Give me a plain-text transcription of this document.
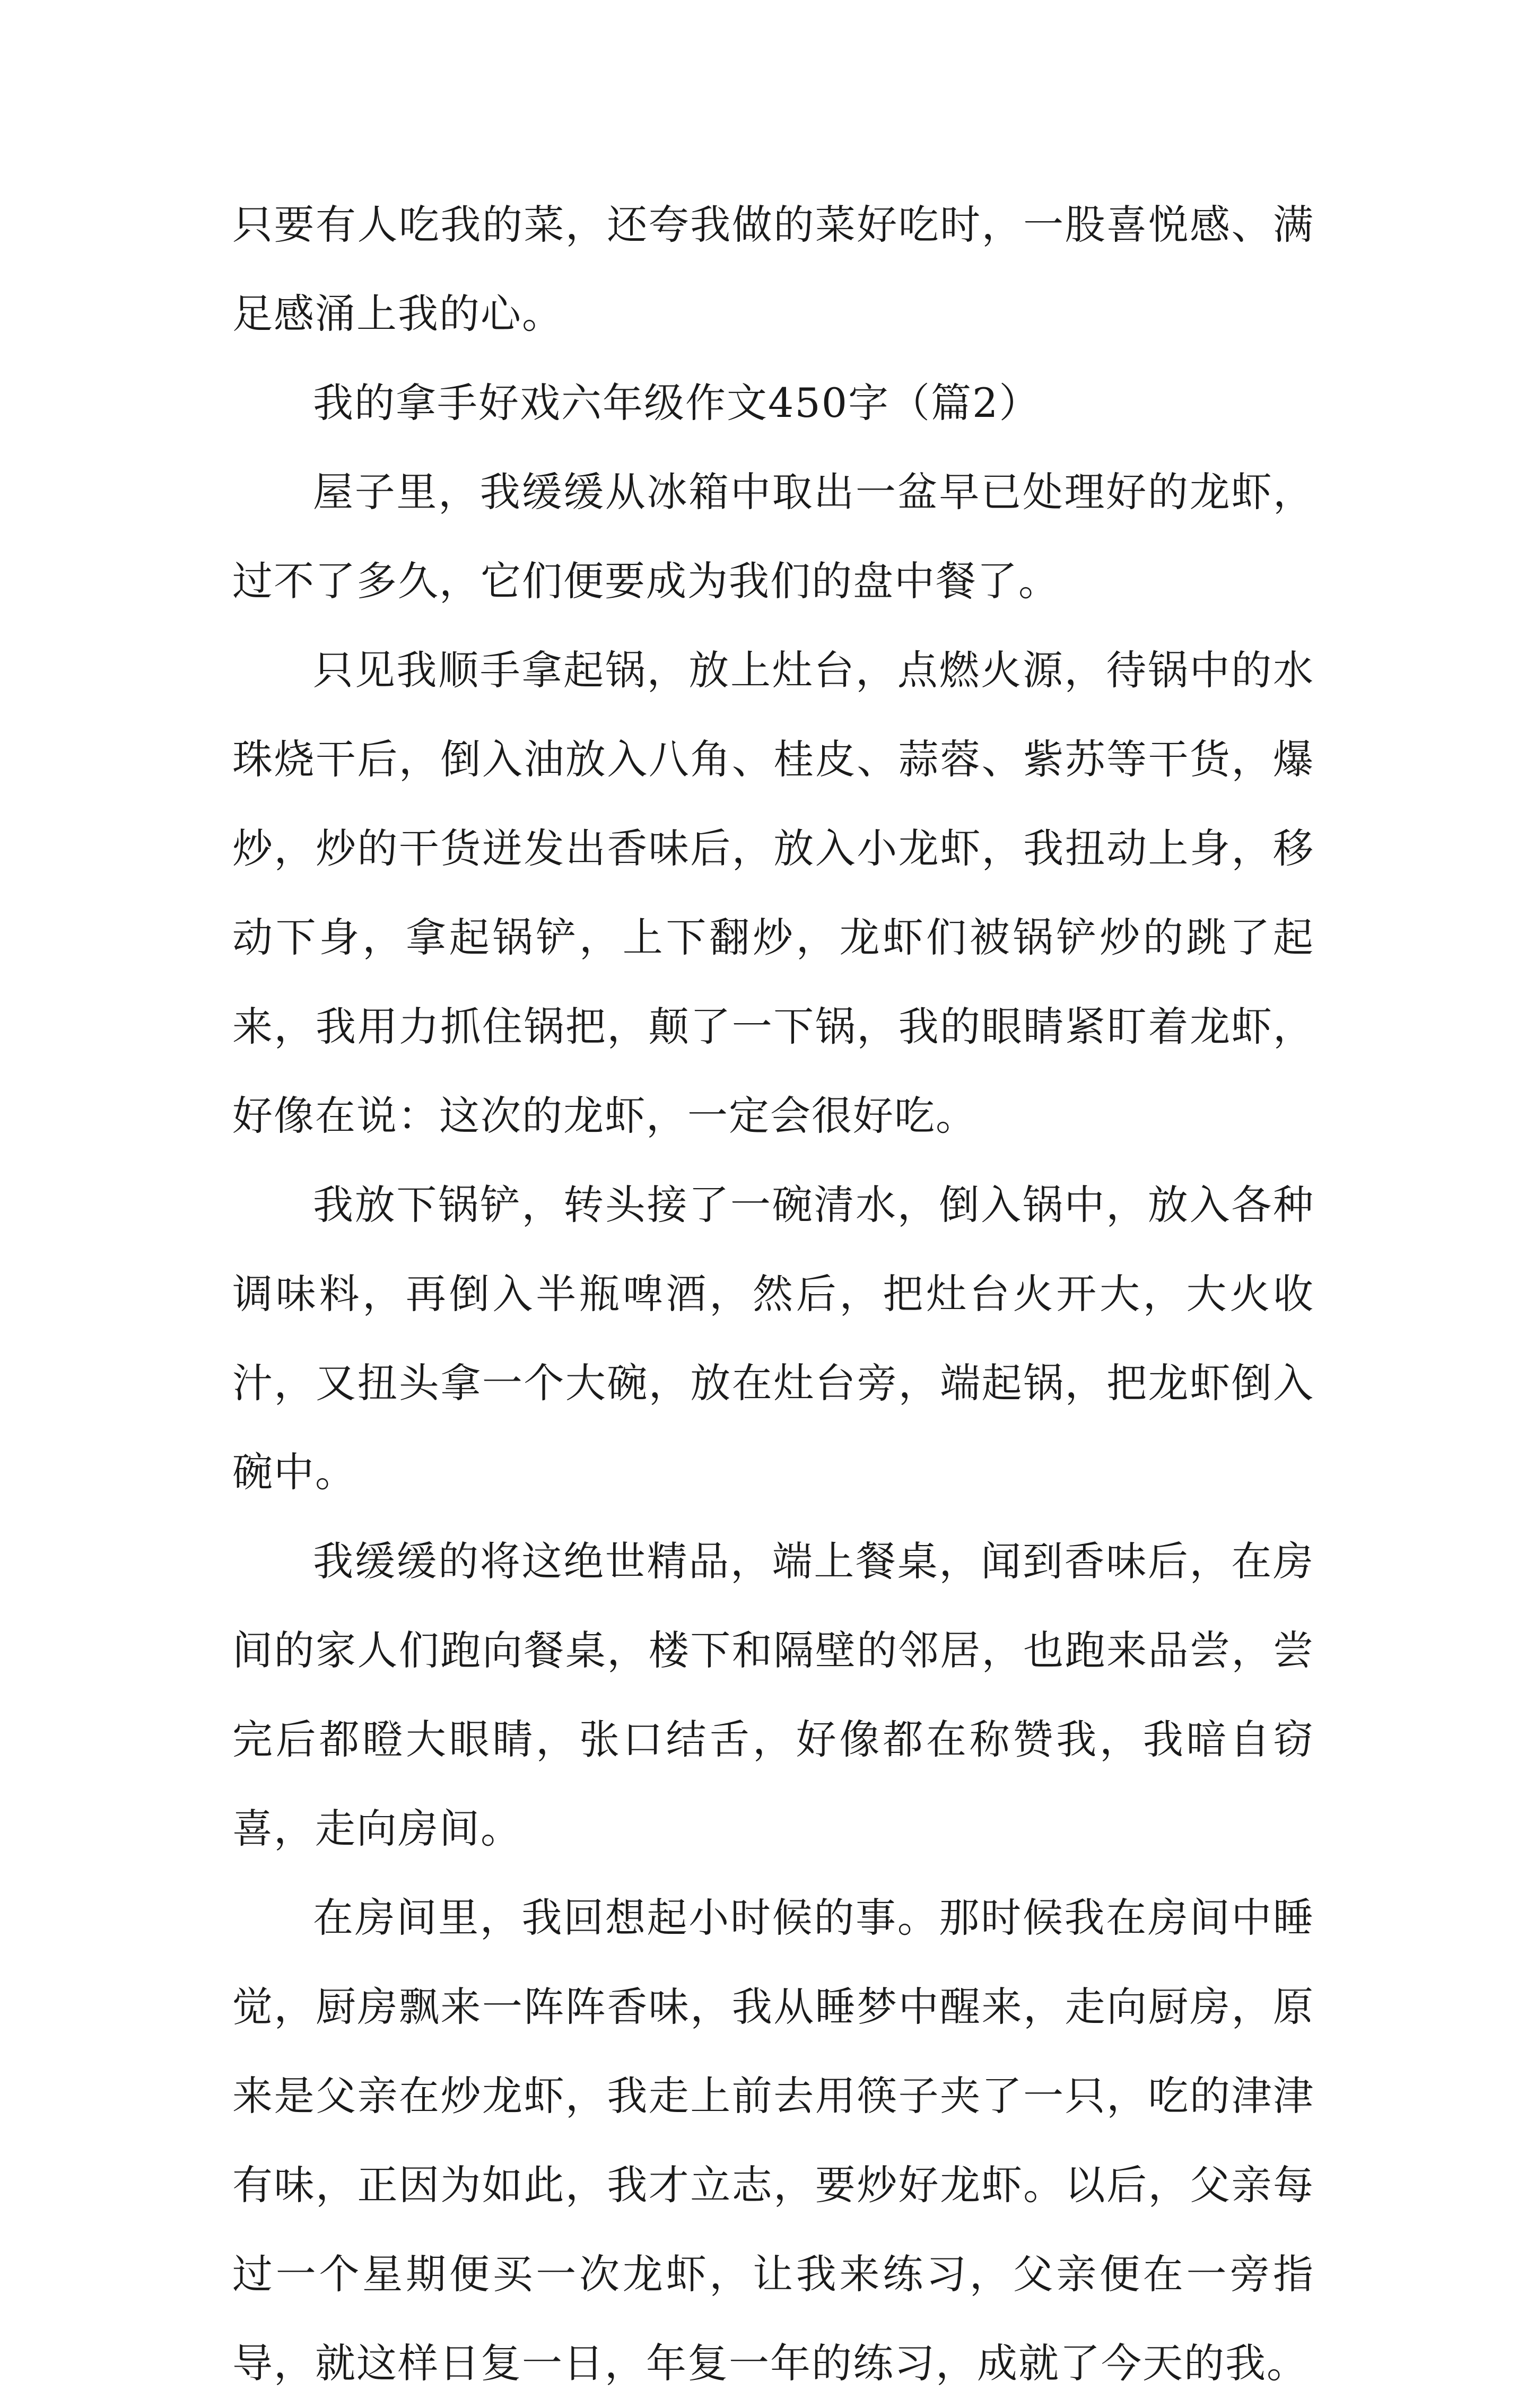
只要有人吃我的菜，还夸我做的菜好吃时，一股喜悦感、满足感涌上我的心。

我的拿手好戏六年级作文450字（篇2）

屋子里，我缓缓从冰箱中取出一盆早已处理好的龙虾，过不了多久，它们便要成为我们的盘中餐了。

只见我顺手拿起锅，放上灶台，点燃火源，待锅中的水珠烧干后，倒入油放入八角、桂皮、蒜蓉、紫苏等干货，爆炒，炒的干货迸发出香味后，放入小龙虾，我扭动上身，移动下身，拿起锅铲，上下翻炒，龙虾们被锅铲炒的跳了起来，我用力抓住锅把，颠了一下锅，我的眼睛紧盯着龙虾，好像在说：这次的龙虾，一定会很好吃。

我放下锅铲，转头接了一碗清水，倒入锅中，放入各种调味料，再倒入半瓶啤酒，然后，把灶台火开大，大火收汁，又扭头拿一个大碗，放在灶台旁，端起锅，把龙虾倒入碗中。

我缓缓的将这绝世精品，端上餐桌，闻到香味后，在房间的家人们跑向餐桌，楼下和隔壁的邻居，也跑来品尝，尝完后都瞪大眼睛，张口结舌，好像都在称赞我，我暗自窃喜，走向房间。

在房间里，我回想起小时候的事。那时候我在房间中睡觉，厨房飘来一阵阵香味，我从睡梦中醒来，走向厨房，原来是父亲在炒龙虾，我走上前去用筷子夹了一只，吃的津津有味，正因为如此，我才立志，要炒好龙虾。以后，父亲每过一个星期便买一次龙虾，让我来练习，父亲便在一旁指导，就这样日复一日，年复一年的练习，成就了今天的我。
